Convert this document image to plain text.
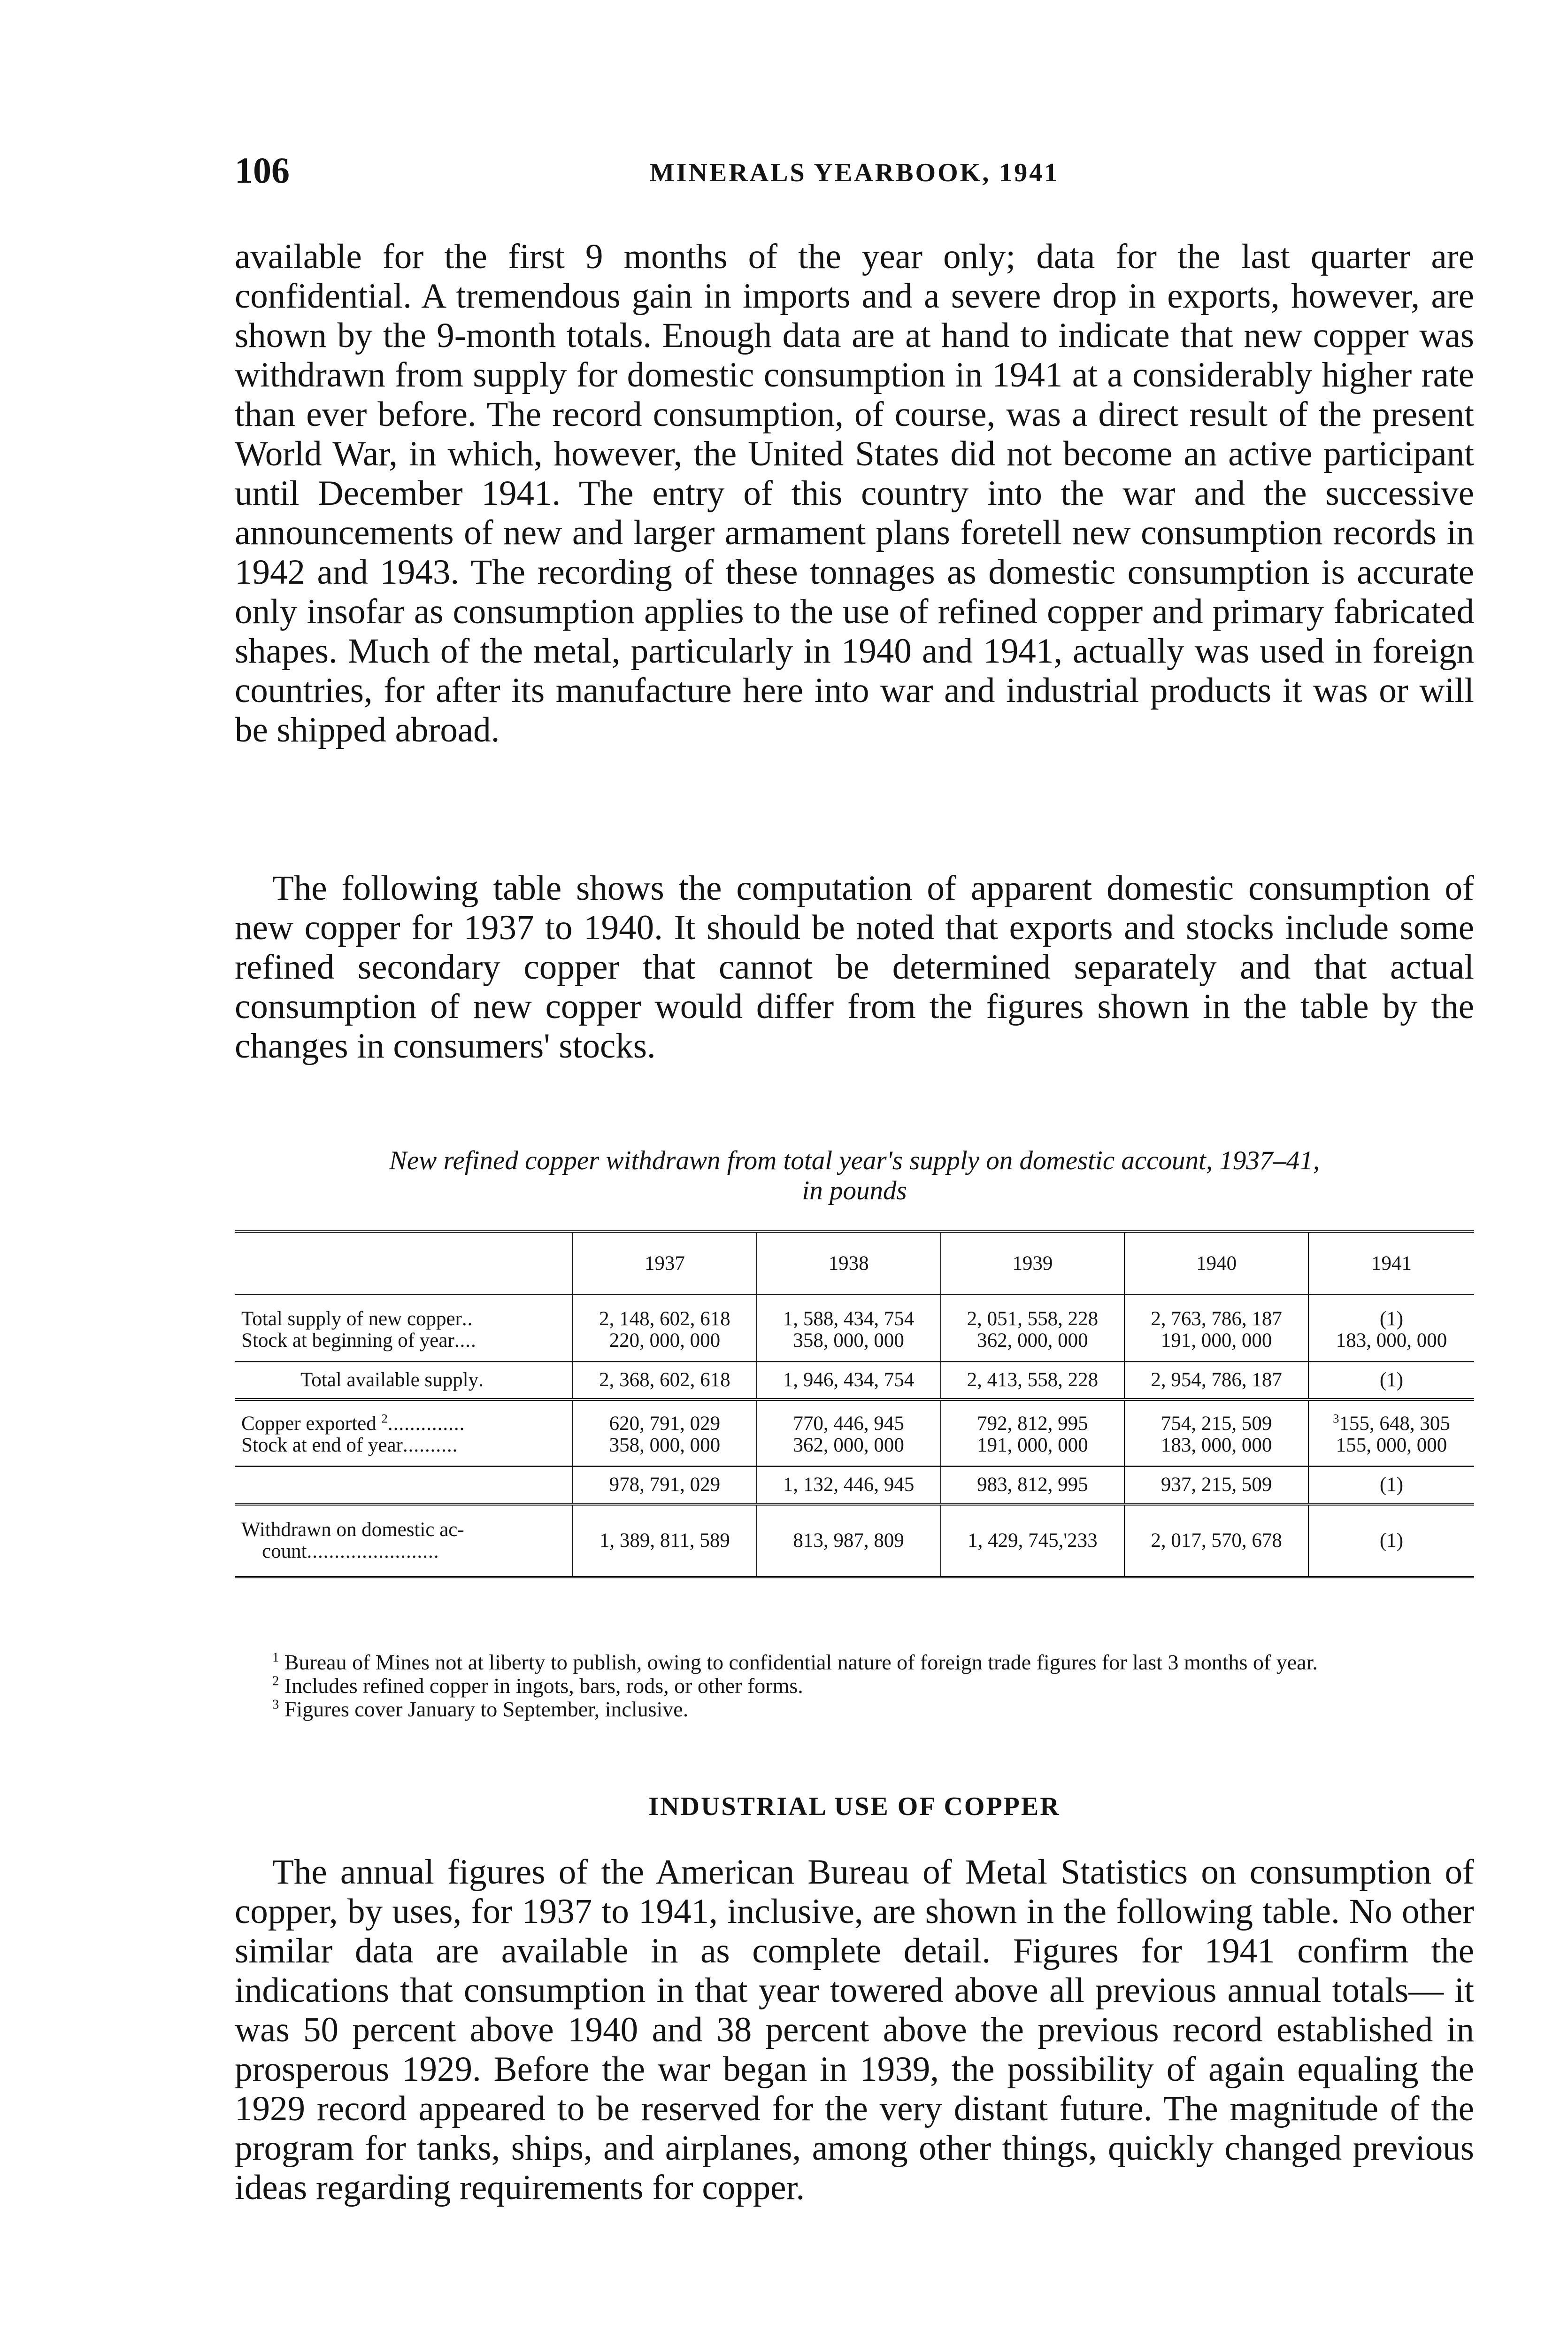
106	MINERALS YEARBOOK, 1941

available for the first 9 months of the year only; data for the last quarter are confidential. A tremendous gain in imports and a severe drop in exports, however, are shown by the 9-month totals. Enough data are at hand to indicate that new copper was withdrawn from supply for domestic consumption in 1941 at a considerably higher rate than ever before. The record consumption, of course, was a direct result of the present World War, in which, however, the United States did not become an active participant until December 1941. The entry of this country into the war and the successive announcements of new and larger armament plans foretell new consumption records in 1942 and 1943. The recording of these tonnages as domestic consumption is accurate only insofar as consumption applies to the use of refined copper and primary fabricated shapes. Much of the metal, particularly in 1940 and 1941, actually was used in foreign countries, for after its manufacture here into war and industrial products it was or will be shipped abroad.

The following table shows the computation of apparent domestic consumption of new copper for 1937 to 1940. It should be noted that exports and stocks include some refined secondary copper that cannot be determined separately and that actual consumption of new copper would differ from the figures shown in the table by the changes in consumers' stocks.

New refined copper withdrawn from total year's supply on domestic account, 1937–41,
in pounds
	1937	1938	1939	1940	1941
Total supply of new copper..	2, 148, 602, 618	1, 588, 434, 754	2, 051, 558, 228	2, 763, 786, 187	(1)
Stock at beginning of year....	220, 000, 000	358, 000, 000	362, 000, 000	191, 000, 000	183, 000, 000
Total available supply.	2, 368, 602, 618	1, 946, 434, 754	2, 413, 558, 228	2, 954, 786, 187	(1)
Copper exported $^2$..............	620, 791, 029	770, 446, 945	792, 812, 995	754, 215, 509	$^3$155, 648, 305
Stock at end of year..........	358, 000, 000	362, 000, 000	191, 000, 000	183, 000, 000	155, 000, 000
	978, 791, 029	1, 132, 446, 945	983, 812, 995	937, 215, 509	(1)

Withdrawn on domestic ac-
count........................	1, 389, 811, 589	813, 987, 809	1, 429, 745,'233	2, 017, 570, 678	(1)

$^1$ Bureau of Mines not at liberty to publish, owing to confidential nature of foreign trade figures for last 3 months of year.

$^2$ Includes refined copper in ingots, bars, rods, or other forms.

$^3$ Figures cover January to September, inclusive.

INDUSTRIAL USE OF COPPER

The annual figures of the American Bureau of Metal Statistics on consumption of copper, by uses, for 1937 to 1941, inclusive, are shown in the following table. No other similar data are available in as complete detail. Figures for 1941 confirm the indications that consumption in that year towered above all previous annual totals— it was 50 percent above 1940 and 38 percent above the previous record established in prosperous 1929. Before the war began in 1939, the possibility of again equaling the 1929 record appeared to be reserved for the very distant future. The magnitude of the program for tanks, ships, and airplanes, among other things, quickly changed previous ideas regarding requirements for copper.
